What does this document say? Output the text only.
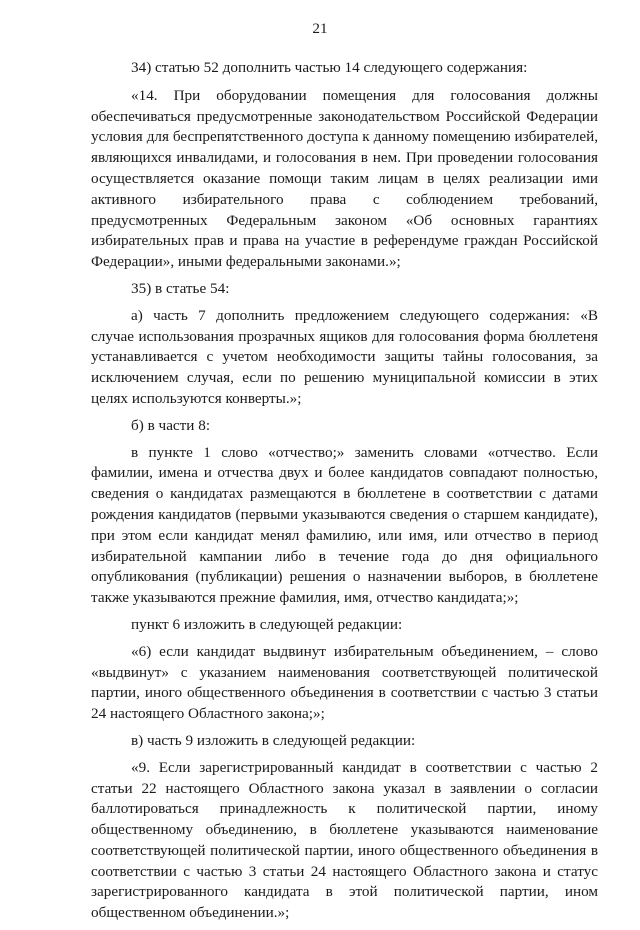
21

34) статью 52 дополнить частью 14 следующего содержания:

«14. При оборудовании помещения для голосования должны обеспечиваться предусмотренные законодательством Российской Федерации условия для беспрепятственного доступа к данному помещению избирателей, являющихся инвалидами, и голосования в нем. При проведении голосования осуществляется оказание помощи таким лицам в целях реализации ими активного избирательного права с соблюдением требований, предусмотренных Федеральным законом «Об основных гарантиях избирательных прав и права на участие в референдуме граждан Российской Федерации», иными федеральными законами.»;

35) в статье 54:

а) часть 7 дополнить предложением следующего содержания: «В случае использования прозрачных ящиков для голосования форма бюллетеня устанавливается с учетом необходимости защиты тайны голосования, за исключением случая, если по решению муниципальной комиссии в этих целях используются конверты.»;

б) в части 8:

в пункте 1 слово «отчество;» заменить словами «отчество. Если фамилии, имена и отчества двух и более кандидатов совпадают полностью, сведения о кандидатах размещаются в бюллетене в соответствии с датами рождения кандидатов (первыми указываются сведения о старшем кандидате), при этом если кандидат менял фамилию, или имя, или отчество в период избирательной кампании либо в течение года до дня официального опубликования (публикации) решения о назначении выборов, в бюллетене также указываются прежние фамилия, имя, отчество кандидата;»;

пункт 6 изложить в следующей редакции:

«6) если кандидат выдвинут избирательным объединением, – слово «выдвинут» с указанием наименования соответствующей политической партии, иного общественного объединения в соответствии с частью 3 статьи 24 настоящего Областного закона;»;

в) часть 9 изложить в следующей редакции:

«9. Если зарегистрированный кандидат в соответствии с частью 2 статьи 22 настоящего Областного закона указал в заявлении о согласии баллотироваться принадлежность к политической партии, иному общественному объединению, в бюллетене указываются наименование соответствующей политической партии, иного общественного объединения в соответствии с частью 3 статьи 24 настоящего Областного закона и статус зарегистрированного кандидата в этой политической партии, ином общественном объединении.»;
